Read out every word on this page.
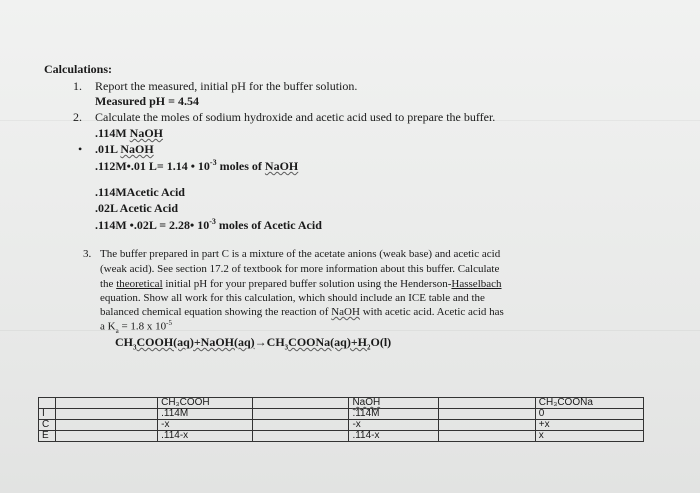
Calculations:
1. Report the measured, initial pH for the buffer solution.
Measured pH = 4.54
2. Calculate the moles of sodium hydroxide and acetic acid used to prepare the buffer.
.114M NaOH
• .01L NaOH
.112M•.01 L= 1.14 • $10^{-3}$ moles of NaOH
.114MAcetic Acid
.02L Acetic Acid
.114M •.02L = 2.28• $10^{-3}$ moles of Acetic Acid
3. The buffer prepared in part C is a mixture of the acetate anions (weak base) and acetic acid
(weak acid). See section 17.2 of textbook for more information about this buffer. Calculate
the theoretical initial pH for your prepared buffer solution using the Henderson-Hasselbach
equation. Show all work for this calculation, which should include an ICE table and the
balanced chemical equation showing the reaction of NaOH with acetic acid. Acetic acid has
a $K_a = 1.8$ x $10^{-5}$
$CH_3COOH(aq)+NaOH(aq)\to CH_3COONa(aq)+H_2O(l)$
		CH₃COOH		NaOH		CH₃COONa
I		.114M		.114M		0
C		-x		-x		+x
E		.114-x		.114-x		x
